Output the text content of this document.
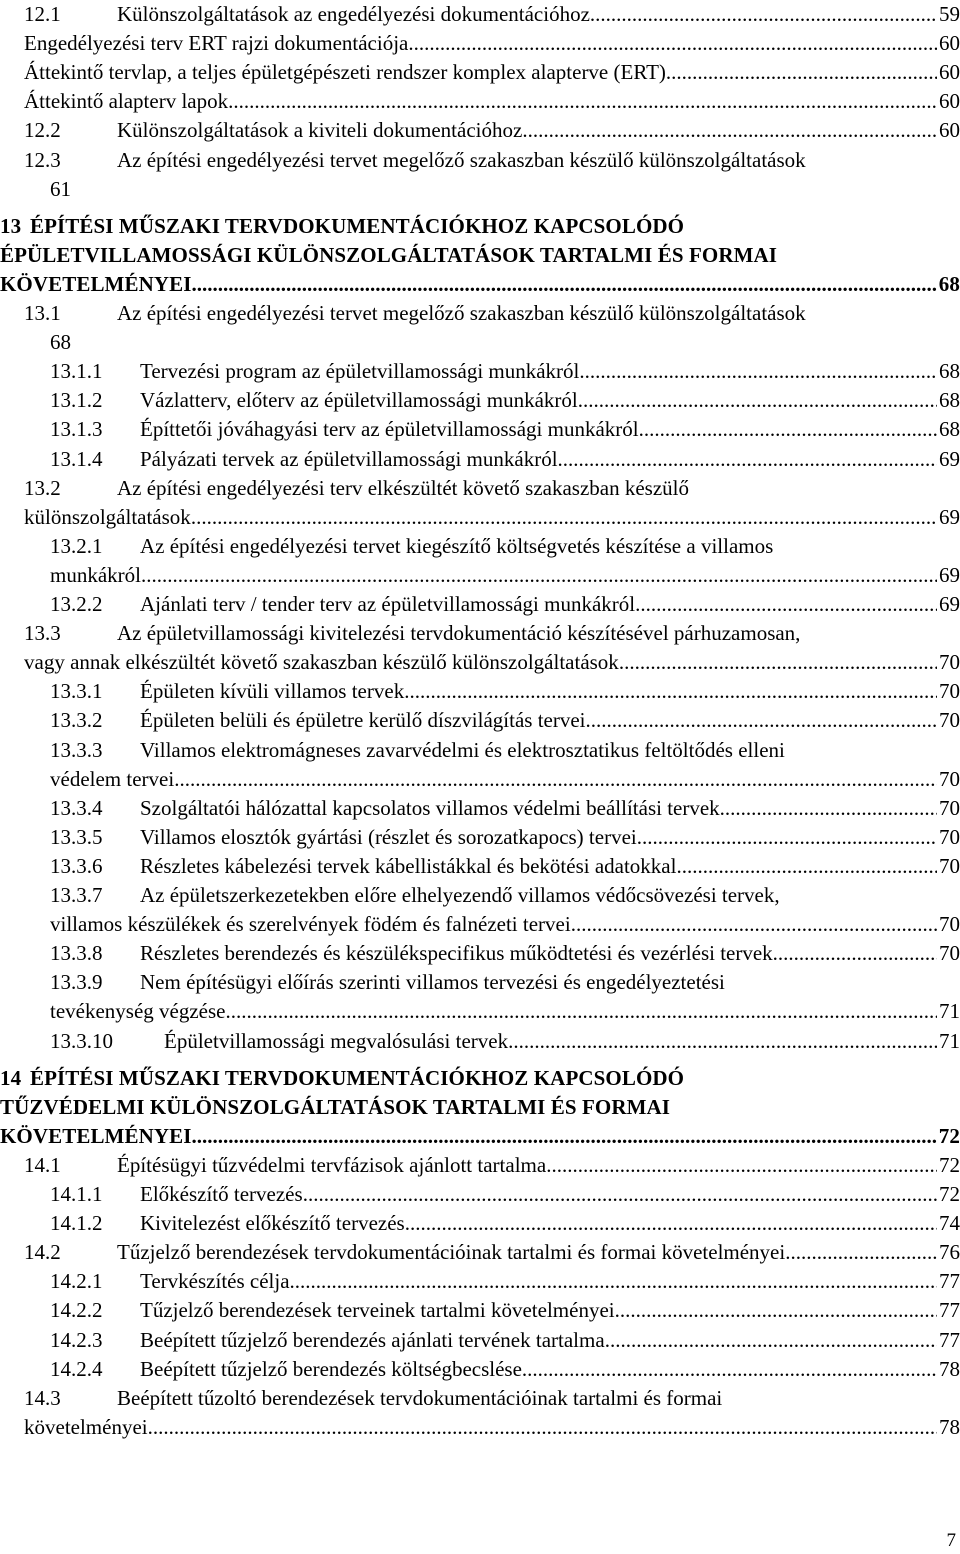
12.1	Különszolgáltatások az engedélyezési dokumentációhoz .....	59
Engedélyezési terv ERT rajzi dokumentációja .....	60
Áttekintő tervlap, a teljes épületgépészeti rendszer komplex alapterve (ERT). .....	60
Áttekintő alapterv lapok .....	60
12.2	Különszolgáltatások a kiviteli dokumentációhoz .....	60
12.3	Az építési engedélyezési tervet megelőző szakaszban készülő különszolgáltatások
61
13 ÉPÍTÉSI MŰSZAKI TERVDOKUMENTÁCIÓKHOZ KAPCSOLÓDÓ
ÉPÜLETVILLAMOSSÁGI KÜLÖNSZOLGÁLTATÁSOK TARTALMI ÉS FORMAI
KÖVETELMÉNYEI .....	68
13.1	Az építési engedélyezési tervet megelőző szakaszban készülő különszolgáltatások
68
13.1.1	Tervezési program az épületvillamossági munkákról .....	68
13.1.2	Vázlatterv, előterv az épületvillamossági munkákról .....	68
13.1.3	Építtetői jóváhagyási terv az épületvillamossági munkákról .....	68
13.1.4	Pályázati tervek az épületvillamossági munkákról .....	69
13.2	Az építési engedélyezési terv elkészültét követő szakaszban készülő
különszolgáltatások .....	69
13.2.1	Az építési engedélyezési tervet kiegészítő költségvetés készítése a villamos
munkákról .....	69
13.2.2	Ajánlati terv / tender terv az épületvillamossági munkákról .....	69
13.3	Az épületvillamossági kivitelezési tervdokumentáció készítésével párhuzamosan,
vagy annak elkészültét követő szakaszban készülő különszolgáltatások .....	70
13.3.1	Épületen kívüli villamos tervek .....	70
13.3.2	Épületen belüli és épületre kerülő díszvilágítás tervei .....	70
13.3.3	Villamos elektromágneses zavarvédelmi és elektrosztatikus feltöltődés elleni
védelem tervei .....	70
13.3.4	Szolgáltatói hálózattal kapcsolatos villamos védelmi beállítási tervek .....	70
13.3.5	Villamos elosztók gyártási (részlet és sorozatkapocs) tervei .....	70
13.3.6	Részletes kábelezési tervek kábellistákkal és bekötési adatokkal .....	70
13.3.7	Az épületszerkezetekben előre elhelyezendő villamos védőcsövezési tervek,
villamos készülékek és szerelvények födém és falnézeti tervei .....	70
13.3.8	Részletes berendezés és készülékspecifikus működtetési és vezérlési tervek .....	70
13.3.9	Nem építésügyi előírás szerinti villamos tervezési és engedélyeztetési
tevékenység végzése .....	71
13.3.10	Épületvillamossági megvalósulási tervek .....	71
14 ÉPÍTÉSI MŰSZAKI TERVDOKUMENTÁCIÓKHOZ KAPCSOLÓDÓ
TŰZVÉDELMI KÜLÖNSZOLGÁLTATÁSOK TARTALMI ÉS FORMAI
KÖVETELMÉNYEI .....	72
14.1	Építésügyi tűzvédelmi tervfázisok ajánlott tartalma .....	72
14.1.1	Előkészítő tervezés .....	72
14.1.2	Kivitelezést előkészítő tervezés .....	74
14.2	Tűzjelző berendezések tervdokumentációinak tartalmi és formai követelményei .....	76
14.2.1	Tervkészítés célja .....	77
14.2.2	Tűzjelző berendezések terveinek tartalmi követelményei .....	77
14.2.3	Beépített tűzjelző berendezés ajánlati tervének tartalma .....	77
14.2.4	Beépített tűzjelző berendezés költségbecslése .....	78
14.3	Beépített tűzoltó berendezések tervdokumentációinak tartalmi és formai
követelményei .....	78
7
